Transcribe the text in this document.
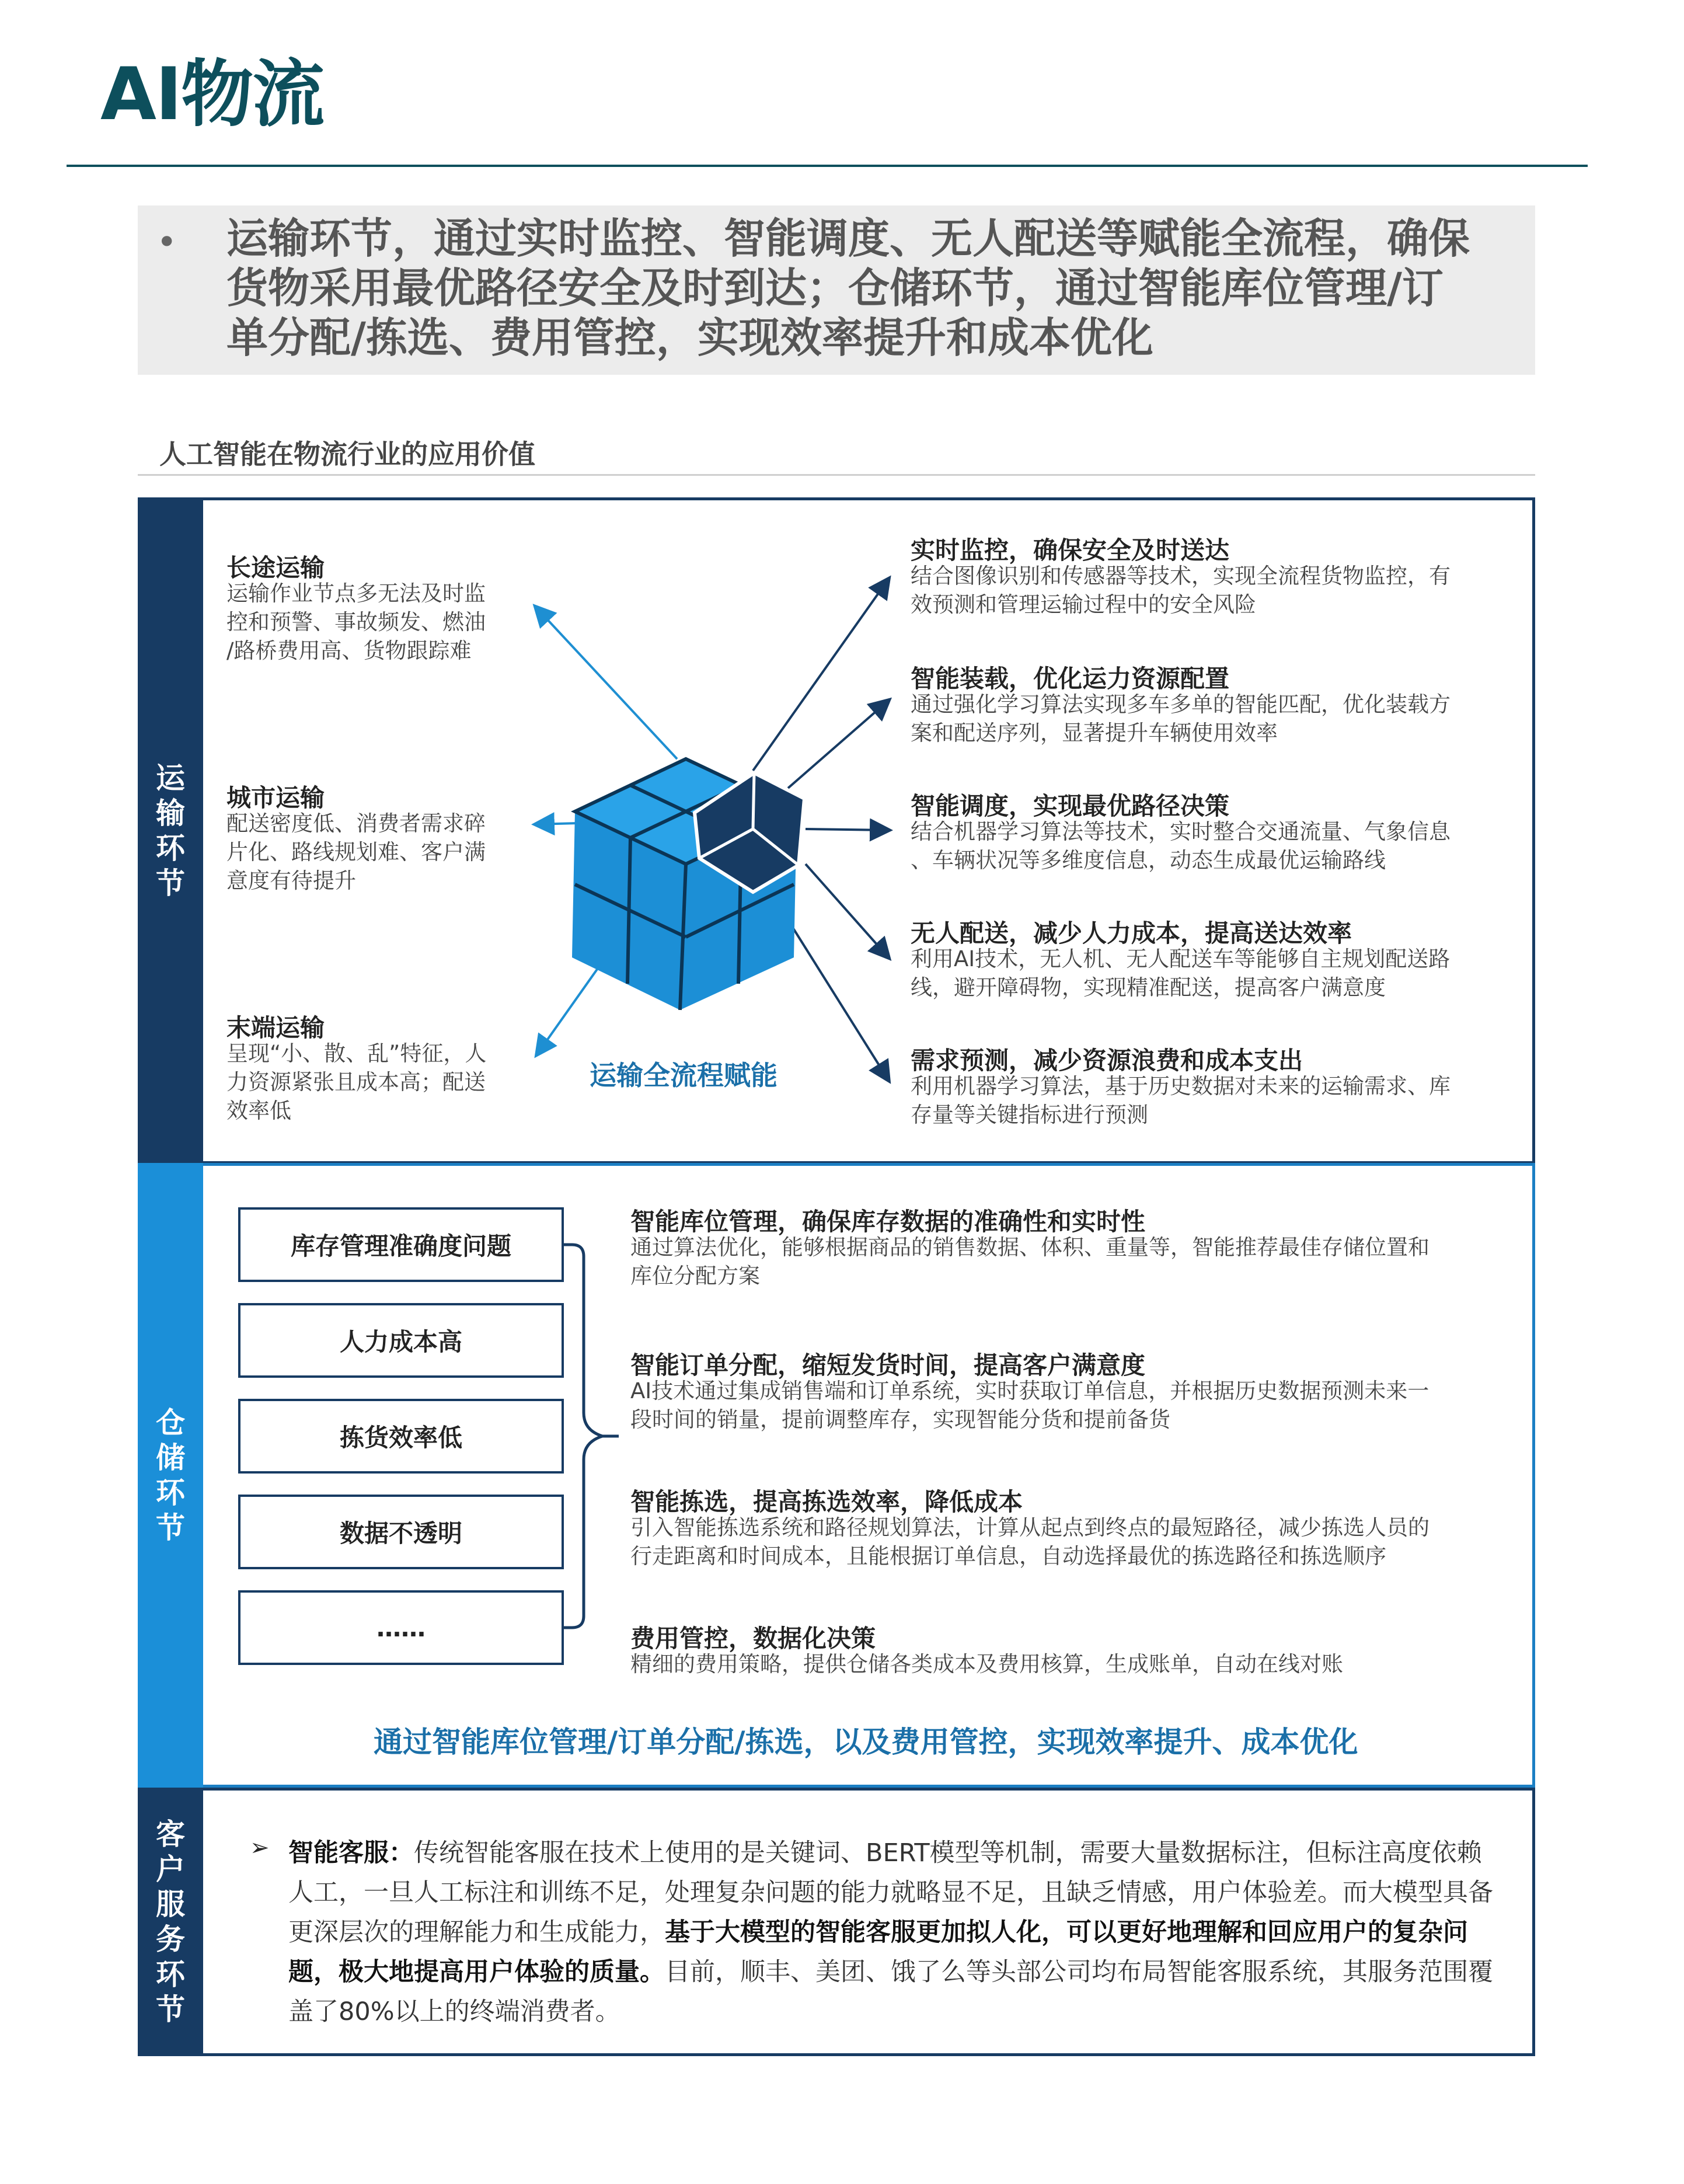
AI物流
• 运输环节，通过实时监控、智能调度、无人配送等赋能全流程，确保货物采用最优路径安全及时到达；仓储环节，通过智能库位管理/订单分配/拣选、费用管控，实现效率提升和成本优化
人工智能在物流行业的应用价值
运输环节
仓储环节
客户服务环节
长途运输
运输作业节点多无法及时监
控和预警、事故频发、燃油
/路桥费用高、货物跟踪难
城市运输
配送密度低、消费者需求碎
片化、路线规划难、客户满
意度有待提升
末端运输
呈现“小、散、乱”特征，人
力资源紧张且成本高；配送
效率低
运输全流程赋能
实时监控，确保安全及时送达
结合图像识别和传感器等技术，实现全流程货物监控，有
效预测和管理运输过程中的安全风险
智能装载，优化运力资源配置
通过强化学习算法实现多车多单的智能匹配，优化装载方
案和配送序列，显著提升车辆使用效率
智能调度，实现最优路径决策
结合机器学习算法等技术，实时整合交通流量、气象信息
、车辆状况等多维度信息，动态生成最优运输路线
无人配送，减少人力成本，提高送达效率
利用AI技术，无人机、无人配送车等能够自主规划配送路
线，避开障碍物，实现精准配送，提高客户满意度
需求预测，减少资源浪费和成本支出
利用机器学习算法，基于历史数据对未来的运输需求、库
存量等关键指标进行预测
库存管理准确度问题
人力成本高
拣货效率低
数据不透明
……
智能库位管理，确保库存数据的准确性和实时性
通过算法优化，能够根据商品的销售数据、体积、重量等，智能推荐最佳存储位置和
库位分配方案
智能订单分配，缩短发货时间，提高客户满意度
AI技术通过集成销售端和订单系统，实时获取订单信息，并根据历史数据预测未来一
段时间的销量，提前调整库存，实现智能分货和提前备货
智能拣选，提高拣选效率，降低成本
引入智能拣选系统和路径规划算法，计算从起点到终点的最短路径，减少拣选人员的
行走距离和时间成本，且能根据订单信息，自动选择最优的拣选路径和拣选顺序
费用管控，数据化决策
精细的费用策略，提供仓储各类成本及费用核算，生成账单，自动在线对账
通过智能库位管理/订单分配/拣选，以及费用管控，实现效率提升、成本优化
➢ 智能客服：传统智能客服在技术上使用的是关键词、BERT模型等机制，需要大量数据标注，但标注高度依赖人工，一旦人工标注和训练不足，处理复杂问题的能力就略显不足，且缺乏情感，用户体验差。而大模型具备更深层次的理解能力和生成能力，基于大模型的智能客服更加拟人化，可以更好地理解和回应用户的复杂问题，极大地提高用户体验的质量。目前，顺丰、美团、饿了么等头部公司均布局智能客服系统，其服务范围覆盖了80%以上的终端消费者。
